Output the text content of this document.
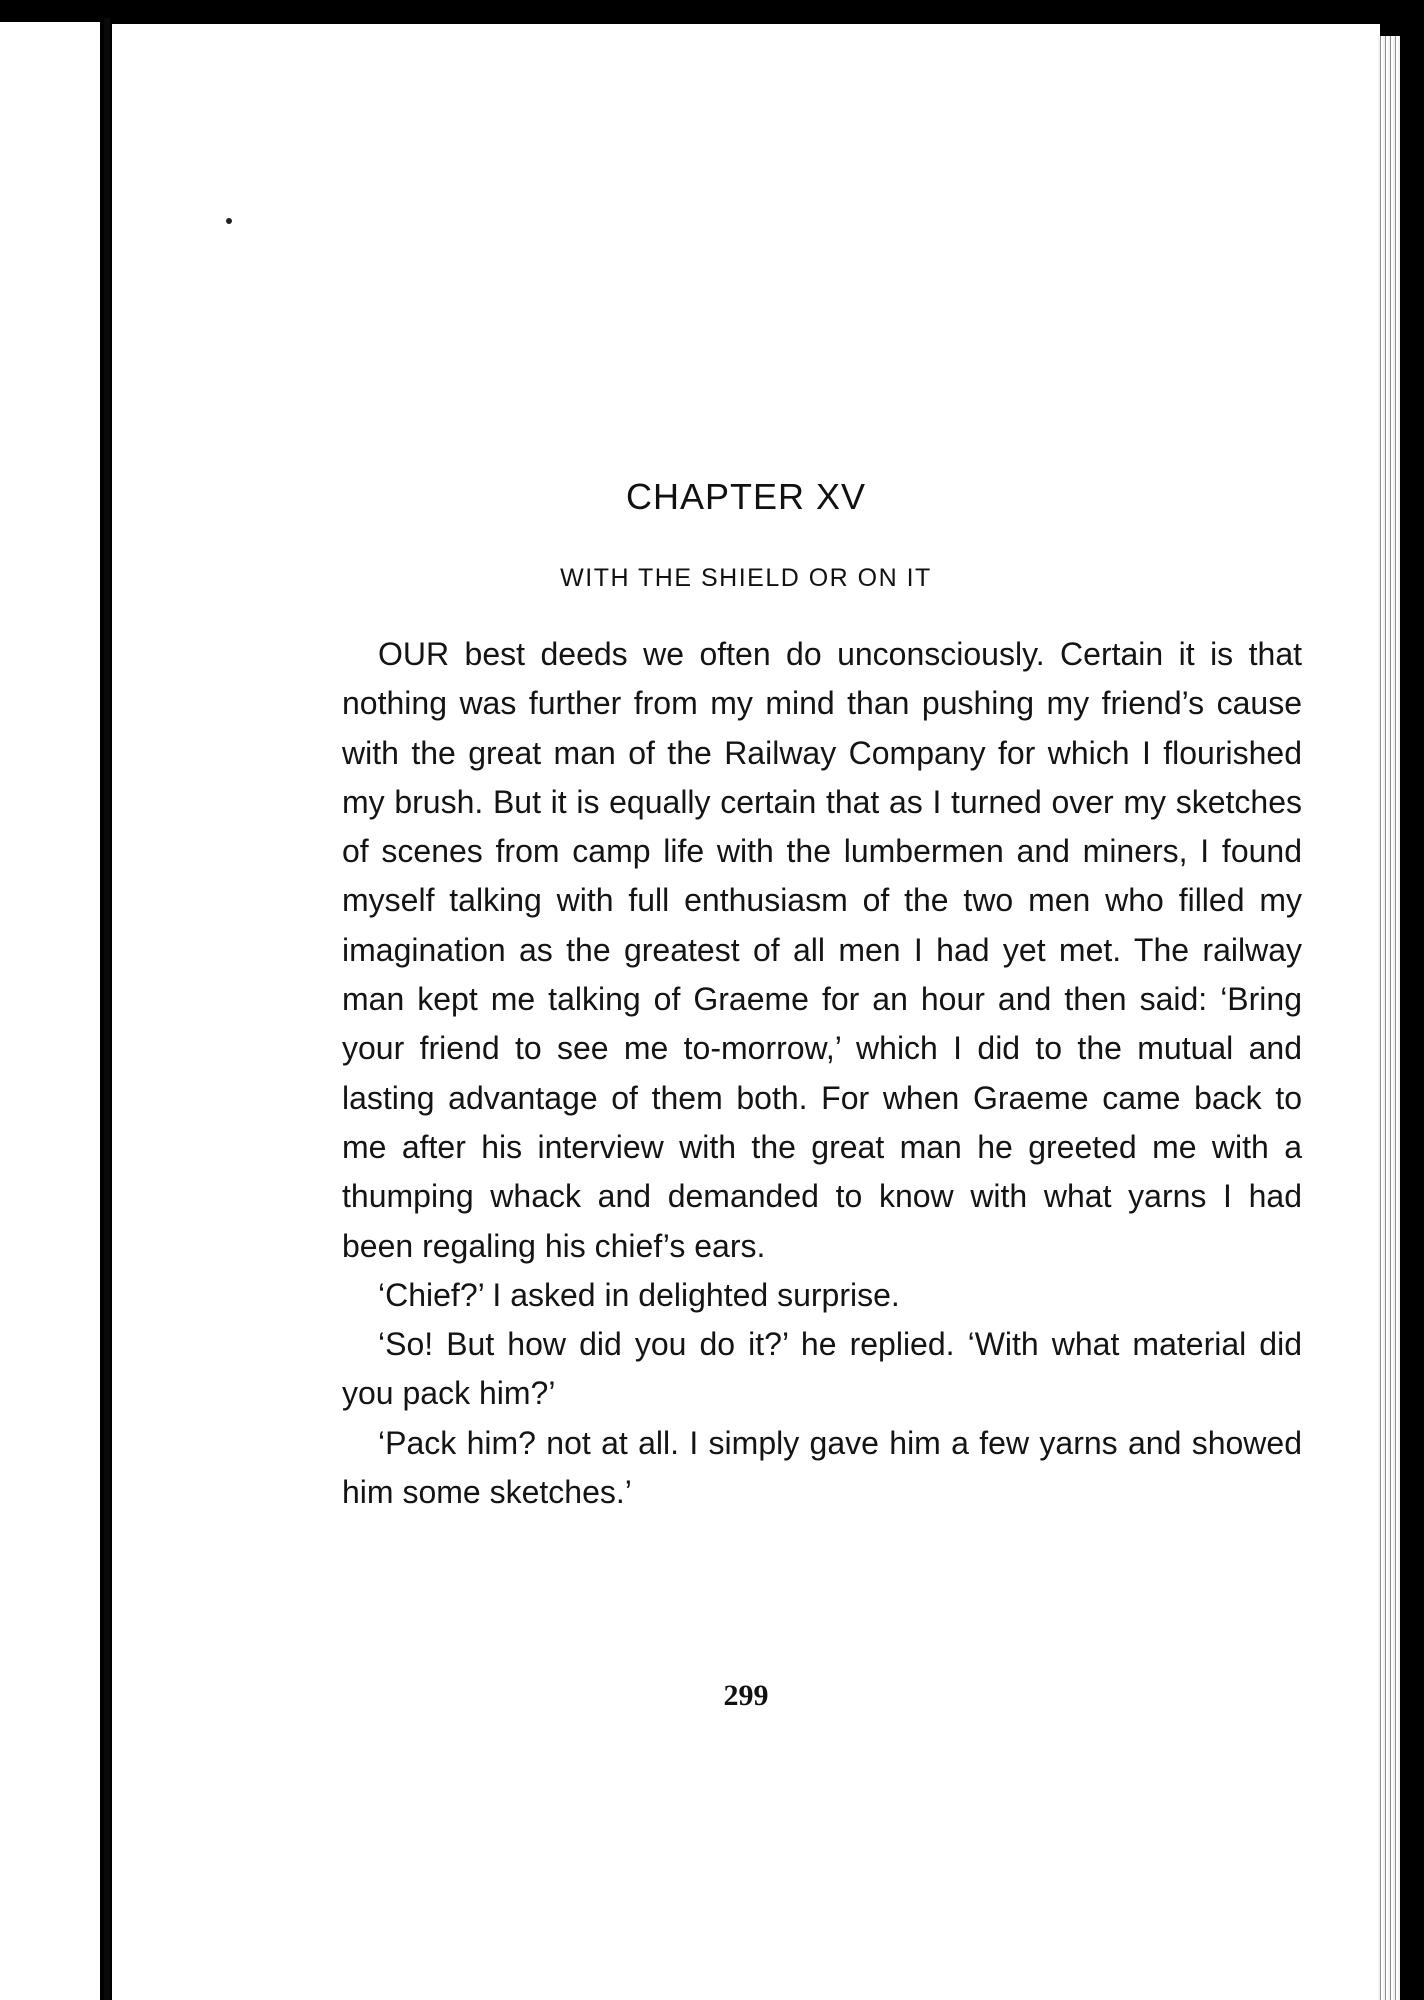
CHAPTER XV
WITH THE SHIELD OR ON IT

OUR best deeds we often do unconsciously. Certain it is that nothing was further from my mind than pushing my friend’s cause with the great man of the Railway Company for which I flourished my brush. But it is equally certain that as I turned over my sketches of scenes from camp life with the lumbermen and miners, I found myself talking with full enthusiasm of the two men who filled my imagination as the greatest of all men I had yet met. The railway man kept me talking of Graeme for an hour and then said: ‘Bring your friend to see me to-morrow,’ which I did to the mutual and lasting advantage of them both. For when Graeme came back to me after his interview with the great man he greeted me with a thumping whack and demanded to know with what yarns I had been regaling his chief’s ears.

‘Chief?’ I asked in delighted surprise.

‘So! But how did you do it?’ he replied. ‘With what material did you pack him?’

‘Pack him? not at all. I simply gave him a few yarns and showed him some sketches.’

299
